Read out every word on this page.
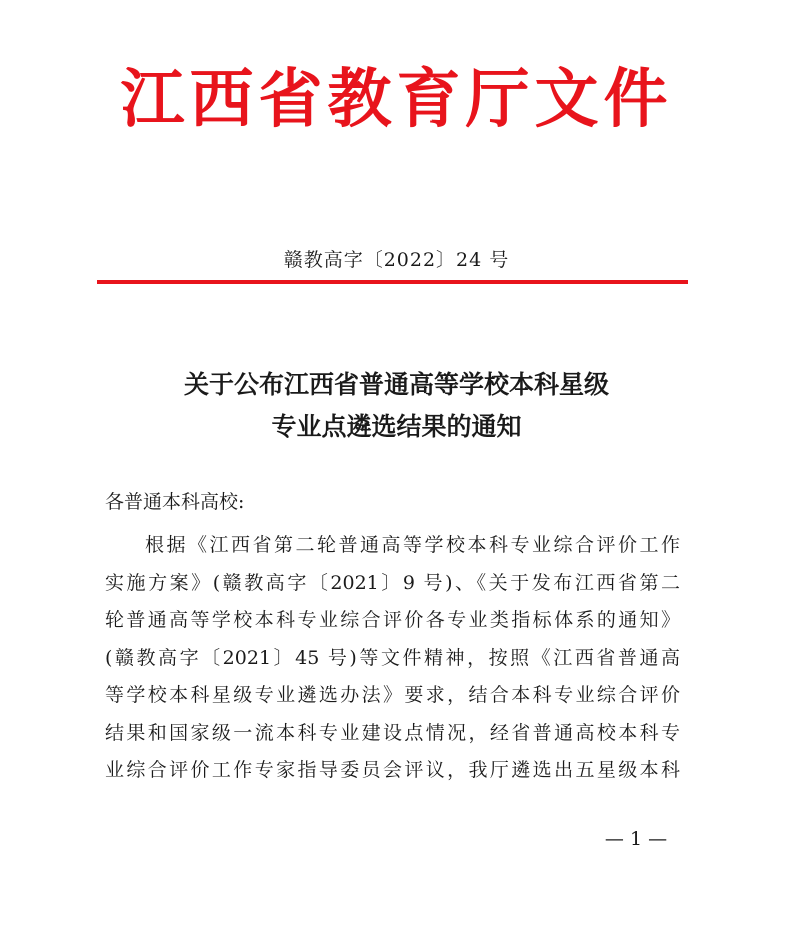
江西省教育厅文件
赣教高字〔2022〕24 号
关于公布江西省普通高等学校本科星级
专业点遴选结果的通知
各普通本科高校:
根据《江西省第二轮普通高等学校本科专业综合评价工作
实施方案》(赣教高字〔2021〕9 号)、《关于发布江西省第二
轮普通高等学校本科专业综合评价各专业类指标体系的通知》
(赣教高字〔2021〕45 号)等文件精神，按照《江西省普通高
等学校本科星级专业遴选办法》要求，结合本科专业综合评价
结果和国家级一流本科专业建设点情况，经省普通高校本科专
业综合评价工作专家指导委员会评议，我厅遴选出五星级本科
— 1 —
